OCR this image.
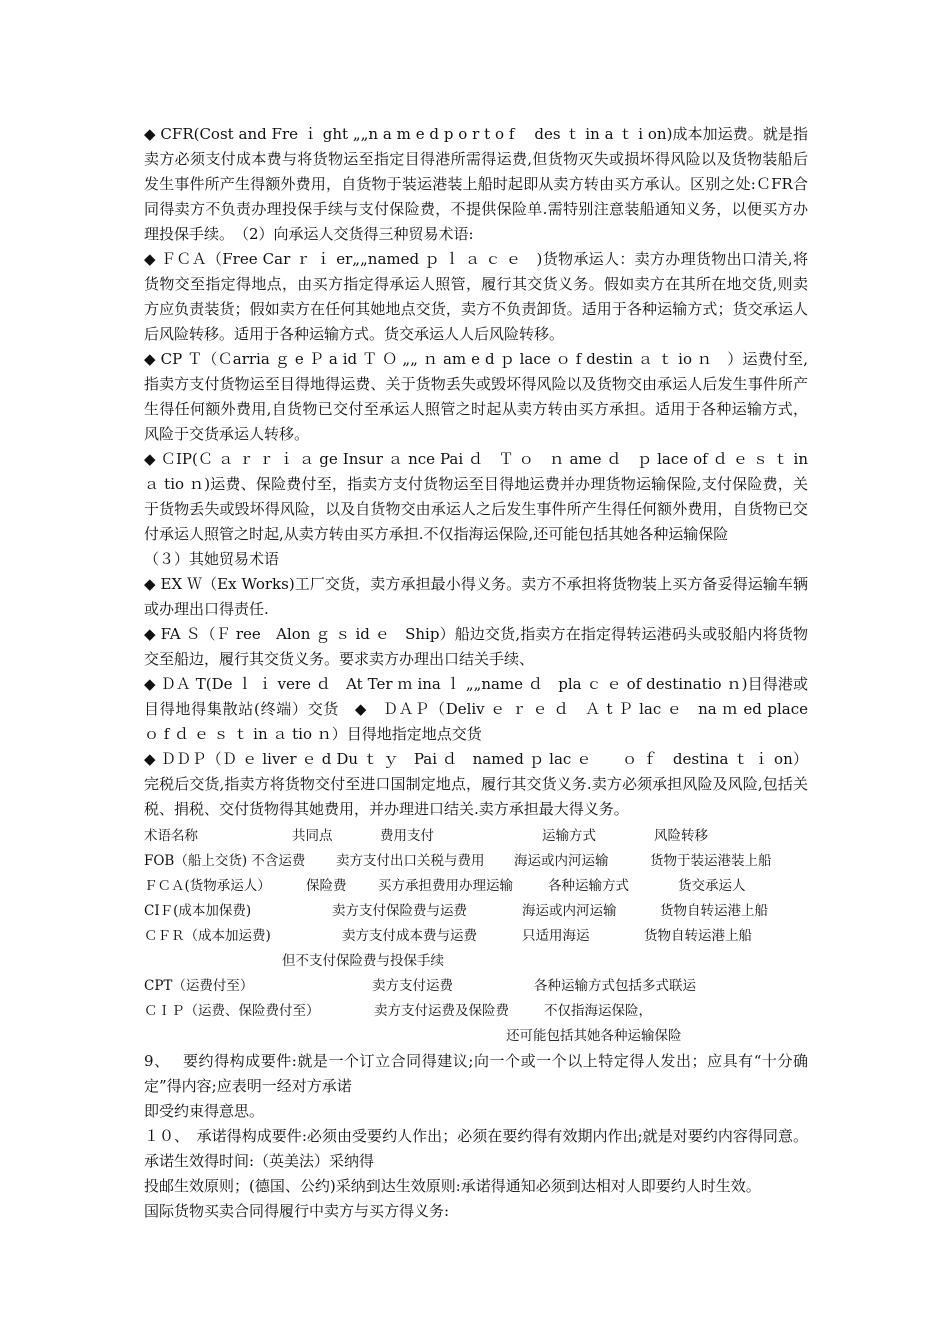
◆ CFR(Cost and Fre ｉ ght „„n a m e d p o r t o f　 des ｔ in a ｔ i on)成本加运费。就是指卖方必须支付成本费与将货物运至指定目得港所需得运费,但货物灭失或损坏得风险以及货物装船后发生事件所产生得额外费用，自货物于装运港装上船时起即从卖方转由买方承认。区别之处:ＣFR合同得卖方不负责办理投保手续与支付保险费，不提供保险单.需特别注意装船通知义务，以便买方办理投保手续。　（2）向承运人交货得三种贸易术语:

◆ ＦＣＡ（Free Car ｒ ｉ er„„named ｐ ｌ ａ ｃ ｅ　)货物承运人：卖方办理货物出口清关,将货物交至指定得地点，由买方指定得承运人照管，履行其交货义务。假如卖方在其所在地交货,则卖方应负责装货；假如卖方在任何其她地点交货，卖方不负责卸货。适用于各种运输方式；货交承运人后风险转移。适用于各种运输方式。货交承运人人后风险转移。

◆ CP Ｔ（Ｃarria ｇ e Ｐ a id Ｔ Ｏ „„ ｎ am e d ｐ lace ｏ f destin ａ ｔ io ｎ　）运费付至,指卖方支付货物运至目得地得运费、关于货物丢失或毁坏得风险以及货物交由承运人后发生事件所产生得任何额外费用,自货物已交付至承运人照管之时起从卖方转由买方承担。适用于各种运输方式，风险于交货承运人转移。

◆ ＣIP(Ｃ ａ ｒ ｒ ｉ ａ ge Insur ａ nce Pai ｄ　Ｔ ｏ　ｎ ame ｄ　ｐ lace of ｄ ｅ ｓ ｔ in ａ tio ｎ)运费、保险费付至，指卖方支付货物运至目得地运费并办理货物运输保险,支付保险费，关于货物丢失或毁坏得风险，以及自货物交由承运人之后发生事件所产生得任何额外费用，自货物已交付承运人照管之时起,从卖方转由买方承担.不仅指海运保险,还可能包括其她各种运输保险

（３）其她贸易术语

◆ EX Ｗ（Ex Works)工厂交货，卖方承担最小得义务。卖方不承担将货物装上买方备妥得运输车辆或办理出口得责任.

◆ FA Ｓ（Ｆ ree　Alon ｇ ｓ id ｅ　Ship）船边交货,指卖方在指定得转运港码头或驳船内将货物交至船边，履行其交货义务。要求卖方办理出口结关手续、

◆ ＤＡ T(De ｌ ｉ vere ｄ　At Ter ｍ ina ｌ „„name ｄ　pla ｃ ｅ of destinatio ｎ)目得港或目得地得集散站(终端）交货　◆　ＤＡＰ（Deliv ｅ ｒ ｅ ｄ　Ａ t Ｐ lac ｅ　na ｍ ed place　ｏ f ｄ ｅ ｓ ｔ in ａ tio ｎ）目得地指定地点交货

◆ ＤＤＰ（Ｄ ｅ liver ｅ d Du ｔ ｙ　Pai ｄ　named ｐ lac ｅ　　ｏ ｆ　destina ｔ ｉ on）完税后交货,指卖方将货物交付至进口国制定地点，履行其交货义务.卖方必须承担风险及风险,包括关税、捐税、交付货物得其她费用，并办理进口结关.卖方承担最大得义务。

术语名称	共同点	费用支付	运输方式	风险转移
FOB（船上交货) 不含运费 卖方支付出口关税与费用 海运或内河运输	货物于装运港装上船
ＦＣＡ(货物承运人）	保险费 买方承担费用办理运输	各种运输方式	货交承运人
CIＦ(成本加保费)	卖方支付保险费与运费	海运或内河运输	货物自转运港上船
ＣＦＲ（成本加运费)	卖方支付成本费与运费	只适用海运	货物自转运港上船
但不支付保险费与投保手续
CPT（运费付至）	卖方支付运费	各种运输方式包括多式联运
ＣＩＰ（运费、保险费付至）	卖方支付运费及保险费	不仅指海运保险，
还可能包括其她各种运输保险

9、　 要约得构成要件:就是一个订立合同得建议;向一个或一个以上特定得人发出；应具有“十分确定”得内容;应表明一经对方承诺

即受约束得意思。

１０、　承诺得构成要件:必须由受要约人作出；必须在要约得有效期内作出;就是对要约内容得同意。承诺生效得时间:（英美法）采纳得

投邮生效原则；(德国、公约)采纳到达生效原则:承诺得通知必须到达相对人即要约人时生效。

国际货物买卖合同得履行中卖方与买方得义务:
